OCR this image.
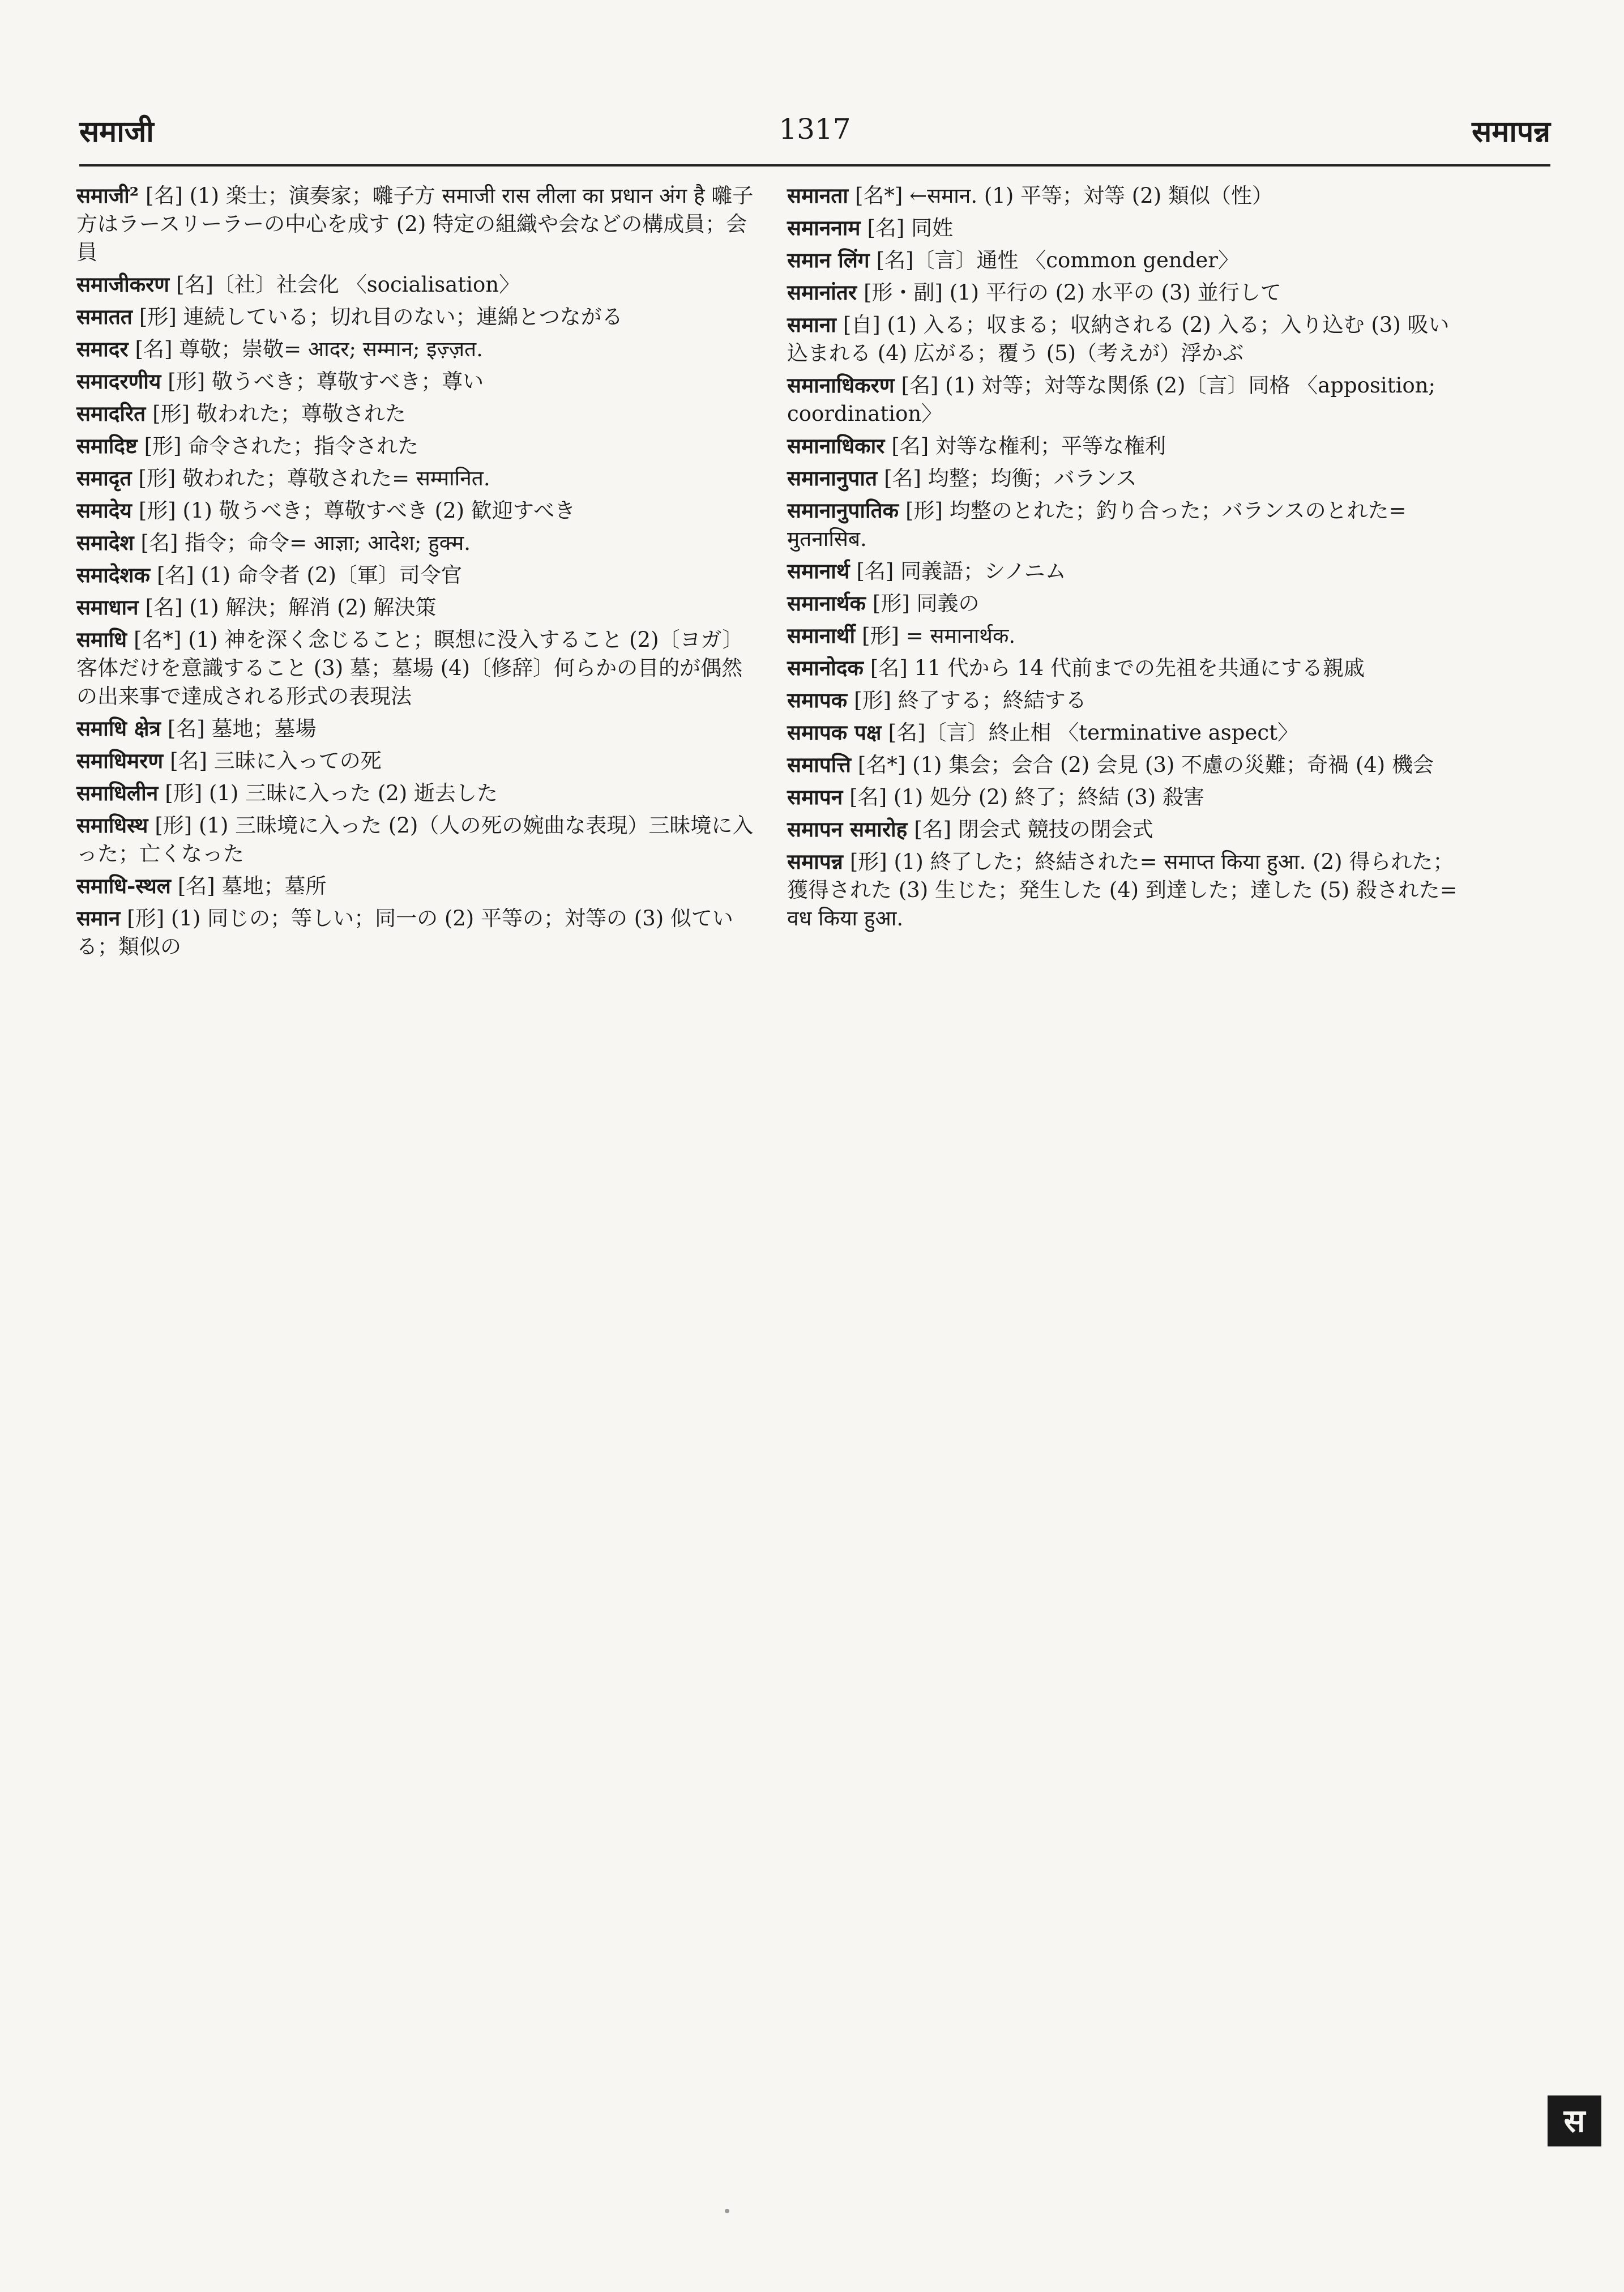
समाजी	1317	समापन्न

समाजी² [名] (1) 楽士；演奏家；囃子方 समाजी रास लीला का प्रधान अंग है 囃子方はラースリーラーの中心を成す (2) 特定の組織や会などの構成員；会員

समाजीकरण [名]〔社〕社会化 〈socialisation〉

समातत [形] 連続している；切れ目のない；連綿とつながる

समादर [名] 尊敬；崇敬= आदर; सम्मान; इज़्ज़त.

समादरणीय [形] 敬うべき；尊敬すべき；尊い

समादरित [形] 敬われた；尊敬された

समादिष्ट [形] 命令された；指令された

समादृत [形] 敬われた；尊敬された= सम्मानित.

समादेय [形] (1) 敬うべき；尊敬すべき (2) 歓迎すべき

समादेश [名] 指令；命令= आज्ञा; आदेश; हुक्म.

समादेशक [名] (1) 命令者 (2)〔軍〕司令官

समाधान [名] (1) 解決；解消 (2) 解決策

समाधि [名*] (1) 神を深く念じること；瞑想に没入すること (2)〔ヨガ〕客体だけを意識すること (3) 墓；墓場 (4)〔修辞〕何らかの目的が偶然の出来事で達成される形式の表現法

समाधि क्षेत्र [名] 墓地；墓場

समाधिमरण [名] 三昧に入っての死

समाधिलीन [形] (1) 三昧に入った (2) 逝去した

समाधिस्थ [形] (1) 三昧境に入った (2)（人の死の婉曲な表現）三昧境に入った；亡くなった

समाधि-स्थल [名] 墓地；墓所

समान [形] (1) 同じの；等しい；同一の (2) 平等の；対等の (3) 似ている；類似の

समानता [名*] ←समान. (1) 平等；対等 (2) 類似（性）

समाननाम [名] 同姓

समान लिंग [名]〔言〕通性 〈common gender〉

समानांतर [形・副] (1) 平行の (2) 水平の (3) 並行して

समाना [自] (1) 入る；収まる；収納される (2) 入る；入り込む (3) 吸い込まれる (4) 広がる；覆う (5)（考えが）浮かぶ

समानाधिकरण [名] (1) 対等；対等な関係 (2)〔言〕同格 〈apposition; coordination〉

समानाधिकार [名] 対等な権利；平等な権利

समानानुपात [名] 均整；均衡；バランス

समानानुपातिक [形] 均整のとれた；釣り合った；バランスのとれた= मुतनासिब.

समानार्थ [名] 同義語；シノニム

समानार्थक [形] 同義の

समानार्थी [形] = समानार्थक.

समानोदक [名] 11 代から 14 代前までの先祖を共通にする親戚

समापक [形] 終了する；終結する

समापक पक्ष [名]〔言〕終止相 〈terminative aspect〉

समापत्ति [名*] (1) 集会；会合 (2) 会見 (3) 不慮の災難；奇禍 (4) 機会

समापन [名] (1) 処分 (2) 終了；終結 (3) 殺害

समापन समारोह [名] 閉会式 競技の閉会式

समापन्न [形] (1) 終了した；終結された= समाप्त किया हुआ. (2) 得られた；獲得された (3) 生じた；発生した (4) 到達した；達した (5) 殺された= वध किया हुआ.

स
